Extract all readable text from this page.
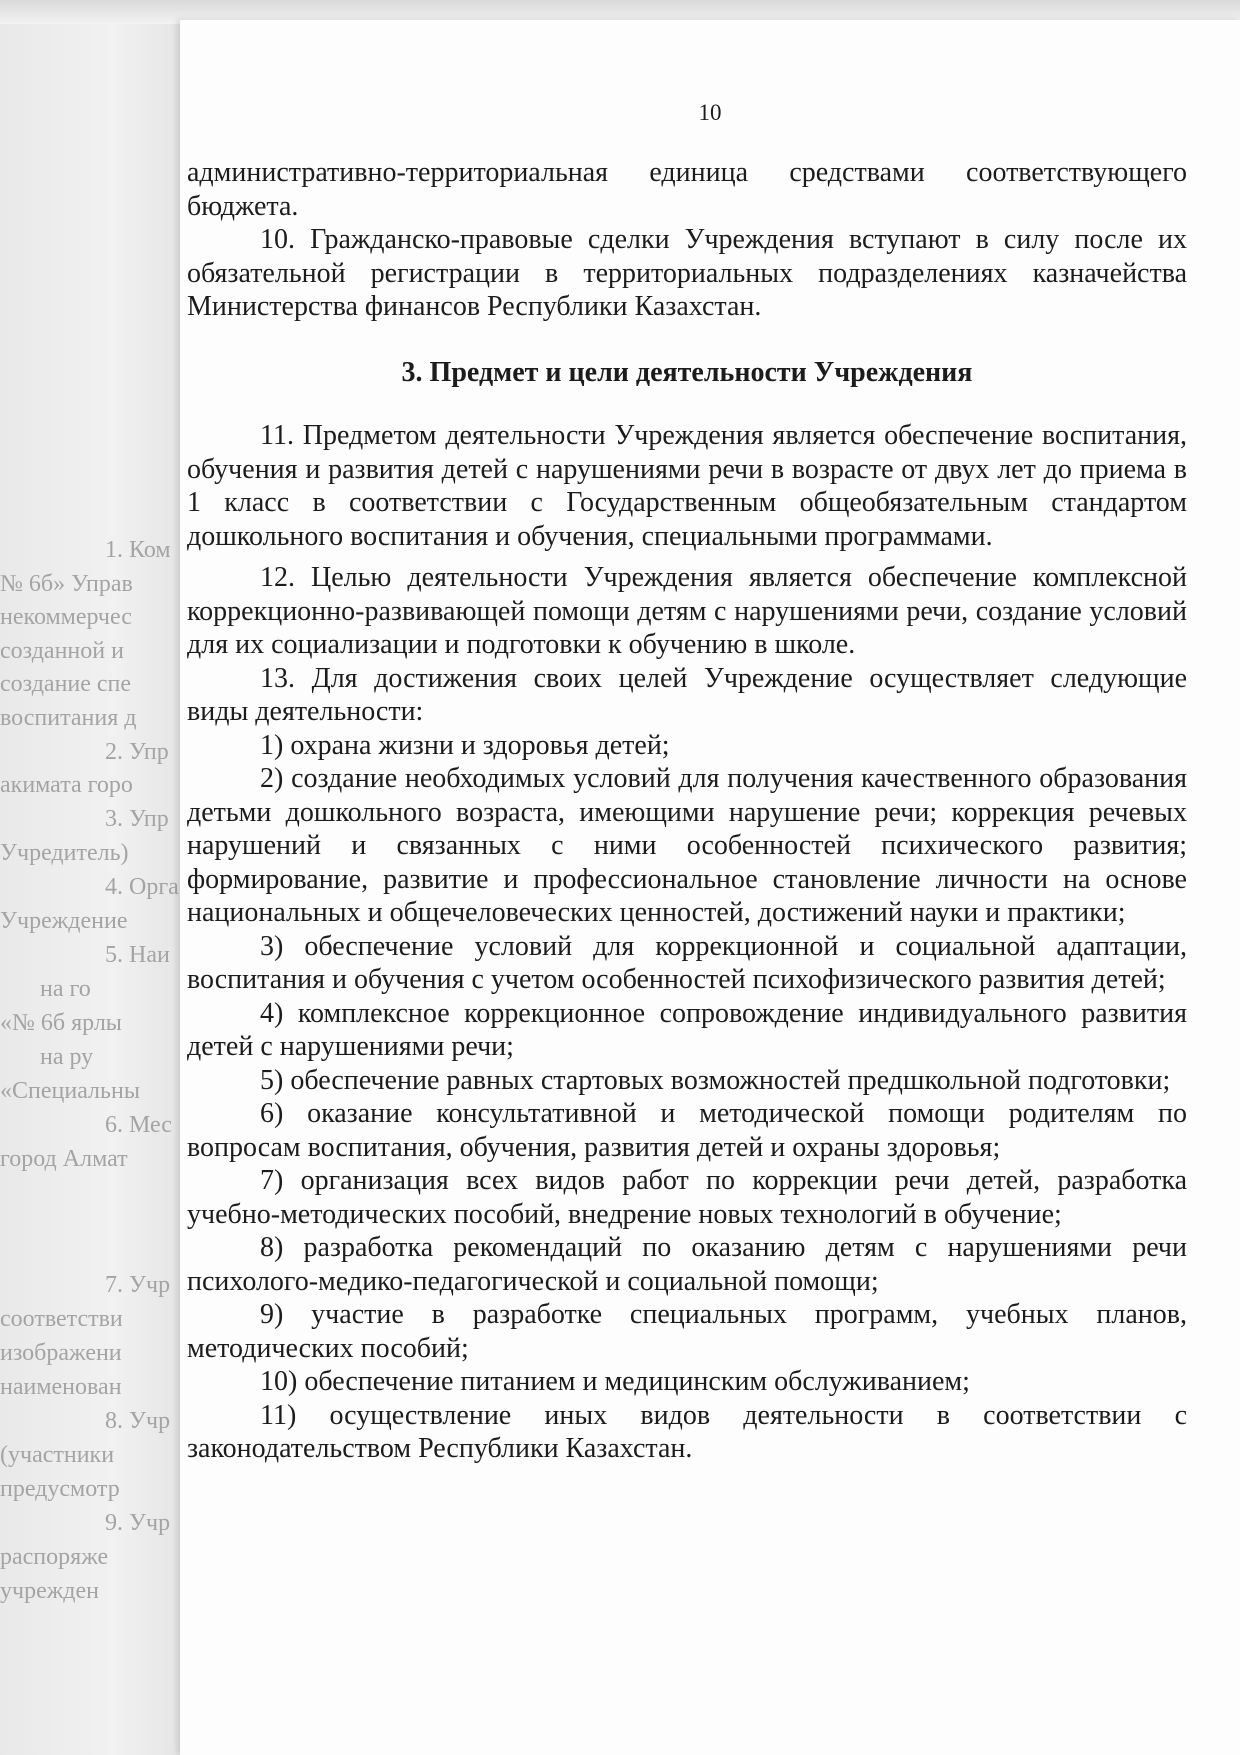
1. Ком
№ 6б» Управ
некоммерчес
созданной и
создание спе
воспитания д
2. Упр
акимата горо
3. Упр
Учредитель)
4. Орга
Учреждение
5. Наи
на го
«№ 6б ярлы
на ру
«Специальны
6. Мес
город Алмат
7. Учр
соответстви
изображени
наименован
8. Учр
(участники
предусмотр
9. Учр
распоряже
учрежден
10

административно-территориальная единица средствами соответствующего бюджета.

10. Гражданско-правовые сделки Учреждения вступают в силу после их обязательной регистрации в территориальных подразделениях казначейства Министерства финансов Республики Казахстан.

3. Предмет и цели деятельности Учреждения

11. Предметом деятельности Учреждения является обеспечение воспитания, обучения и развития детей с нарушениями речи в возрасте от двух лет до приема в 1 класс в соответствии с Государственным общеобязательным стандартом дошкольного воспитания и обучения, специальными программами.

12. Целью деятельности Учреждения является обеспечение комплексной коррекционно-развивающей помощи детям с нарушениями речи, создание условий для их социализации и подготовки к обучению в школе.

13. Для достижения своих целей Учреждение осуществляет следующие виды деятельности:

1) охрана жизни и здоровья детей;

2) создание необходимых условий для получения качественного образования детьми дошкольного возраста, имеющими нарушение речи; коррекция речевых нарушений и связанных с ними особенностей психического развития; формирование, развитие и профессиональное становление личности на основе национальных и общечеловеческих ценностей, достижений науки и практики;

3) обеспечение условий для коррекционной и социальной адаптации, воспитания и обучения с учетом особенностей психофизического развития детей;

4) комплексное коррекционное сопровождение индивидуального развития детей с нарушениями речи;

5) обеспечение равных стартовых возможностей предшкольной подготовки;

6) оказание консультативной и методической помощи родителям по вопросам воспитания, обучения, развития детей и охраны здоровья;

7) организация всех видов работ по коррекции речи детей, разработка учебно-методических пособий, внедрение новых технологий в обучение;

8) разработка рекомендаций по оказанию детям с нарушениями речи психолого-медико-педагогической и социальной помощи;

9) участие в разработке специальных программ, учебных планов, методических пособий;

10) обеспечение питанием и медицинским обслуживанием;

11) осуществление иных видов деятельности в соответствии с законодательством Республики Казахстан.
